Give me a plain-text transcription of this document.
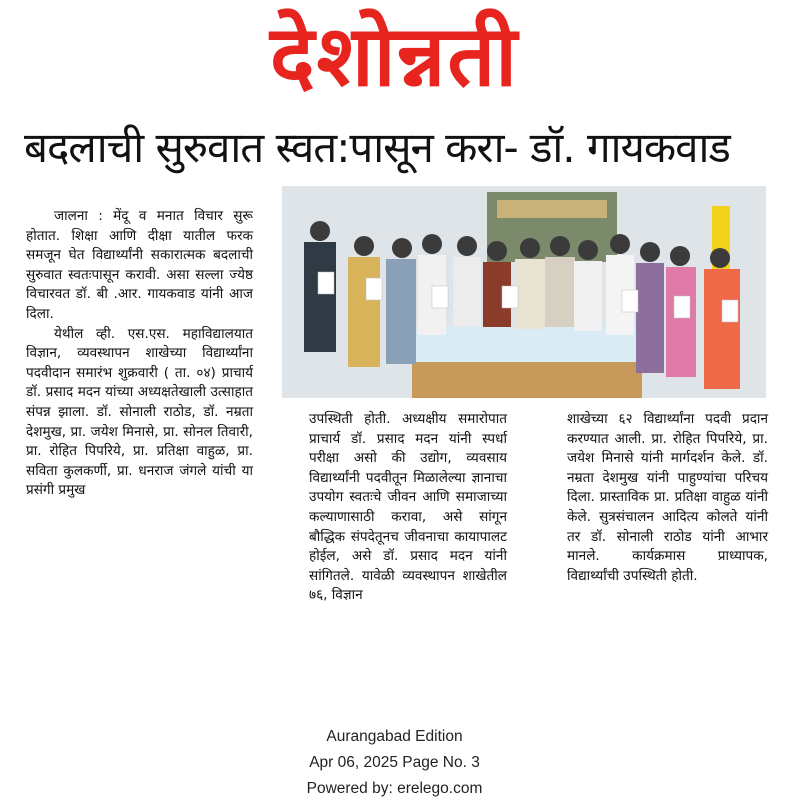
देशोन्नती
बदलाची सुरुवात स्वत:पासून करा- डॉ. गायकवाड

जालना : मेंदू व मनात विचार सुरू होतात. शिक्षा आणि दीक्षा यातील फरक समजून घेत विद्यार्थ्यांनी सकारात्मक बदलाची सुरुवात स्वतःपासून करावी. असा सल्ला ज्येष्ठ विचारवत डॉ. बी .आर. गायकवाड यांनी आज दिला.

येथील व्ही. एस.एस. महाविद्यालयात विज्ञान, व्यवस्थापन शाखेच्या विद्यार्थ्यांना पदवीदान समारंभ शुक्रवारी ( ता. ०४) प्राचार्य डॉ. प्रसाद मदन यांच्या अध्यक्षतेखाली उत्साहात संपन्न झाला. डॉ. सोनाली राठोड, डॉ. नम्रता देशमुख, प्रा. जयेश मिनासे, प्रा. सोनल तिवारी, प्रा. रोहित पिपरिये, प्रा. प्रतिक्षा वाहुळ, प्रा. सविता कुलकर्णी, प्रा. धनराज जंगले यांची या प्रसंगी प्रमुख

उपस्थिती होती. अध्यक्षीय समारोपात प्राचार्य डॉ. प्रसाद मदन यांनी स्पर्धा परीक्षा असो की उद्योग, व्यवसाय विद्यार्थ्यांनी पदवीतून मिळालेल्या ज्ञानाचा उपयोग स्वतःचे जीवन आणि समाजाच्या कल्याणासाठी करावा, असे सांगून बौद्धिक संपदेतूनच जीवनाचा कायापालट होईल, असे डॉ. प्रसाद मदन यांनी सांगितले. यावेळी व्यवस्थापन शाखेतील ७६, विज्ञान

शाखेच्या ६२ विद्यार्थ्यांना पदवी प्रदान करण्यात आली. प्रा. रोहित पिपरिये, प्रा. जयेश मिनासे यांनी मार्गदर्शन केले. डॉ. नम्रता देशमुख यांनी पाहुण्यांचा परिचय दिला. प्रास्ताविक प्रा. प्रतिक्षा वाहुळ यांनी केले. सुत्रसंचालन आदित्य कोलते यांनी तर डॉ. सोनाली राठोड यांनी आभार मानले. कार्यक्रमास प्राध्यापक, विद्यार्थ्यांची उपस्थिती होती.

Aurangabad Edition
Apr 06, 2025 Page No. 3
Powered by: erelego.com
